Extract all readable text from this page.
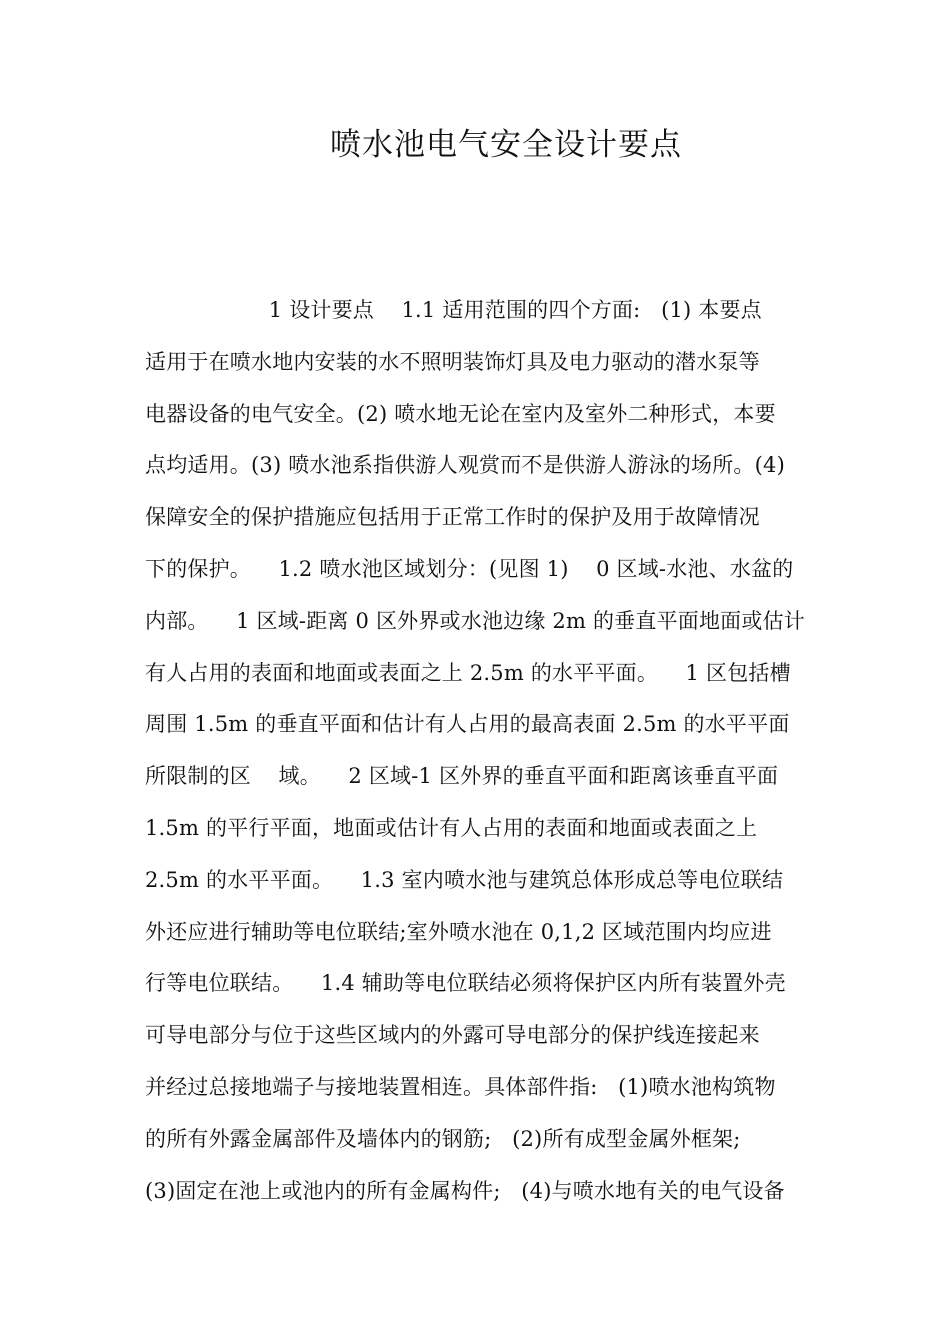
喷水池电气安全设计要点
1 设计要点    1.1 适用范围的四个方面:   (1) 本要点
适用于在喷水地内安装的水不照明装饰灯具及电力驱动的潜水泵等
电器设备的电气安全。(2) 喷水地无论在室内及室外二种形式，本要
点均适用。(3) 喷水池系指供游人观赏而不是供游人游泳的场所。(4)
保障安全的保护措施应包括用于正常工作时的保护及用于故障情况
下的保护。    1.2 喷水池区域划分：(见图 1)    0 区域-水池、水盆的
内部。    1 区域-距离 0 区外界或水池边缘 2m 的垂直平面地面或估计
有人占用的表面和地面或表面之上 2.5m 的水平平面。    1 区包括槽
周围 1.5m 的垂直平面和估计有人占用的最高表面 2.5m 的水平平面
所限制的区    域。    2 区域-1 区外界的垂直平面和距离该垂直平面
1.5m 的平行平面，地面或估计有人占用的表面和地面或表面之上
2.5m 的水平平面。    1.3 室内喷水池与建筑总体形成总等电位联结
外还应进行辅助等电位联结;室外喷水池在 0,1,2 区域范围内均应进
行等电位联结。    1.4 辅助等电位联结必须将保护区内所有装置外壳
可导电部分与位于这些区域内的外露可导电部分的保护线连接起来
并经过总接地端子与接地装置相连。具体部件指:   (1)喷水池构筑物
的所有外露金属部件及墙体内的钢筋;   (2)所有成型金属外框架;
(3)固定在池上或池内的所有金属构件;   (4)与喷水地有关的电气设备
